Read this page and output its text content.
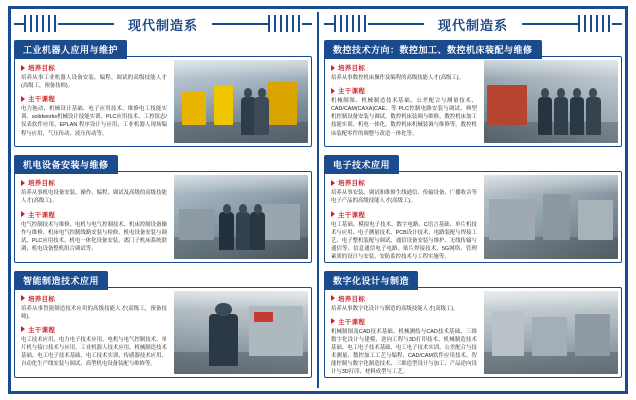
现代制造系
工业机器人应用与维护
培养目标

培养从事工业机器人设备安装、编程、调试的高级技能人才(高级工，预备技师)。

主干课程

电力拖动、机械设计基础、电子应用技术、维修电工技能实训、solidworks机械设计技能实训、PLC应用技术、工控组态/仪表软件应用、EPLAN 程序设计与应用、工业机器人现场编程与应用、气压传动、液压传动等。

机电设备安装与维修
培养目标

培养从事机电设备安装、操作、编程、调试及高级的高级技能人才(高级工)。

主干课程

电气控制技术与维修、电机与电气控制技术、机床控制设备操作与维修、机床电气控制线路安装与检修、机电设备安装与调试、PLC应用技术、机电一体化设备安装、离门子机床系统联调、机电设备整机组合调试等。

智能制造技术应用
培养目标

培养从事智能制造技术应用的高级技能人才(高级工，预备技师)。

主干课程

电工技术应用、电力电子技术应用、电机与电气控制技术、单片机与接口技术与应用、工业机器人技术应用、机械制造技术基础、电工电子技术基础、电工技术实训、传感器技术应用、自动化生产线安装与调试、高型机电设备装配与维修等。

现代制造系
数控技术方向：数控加工、数控机床装配与维修
培养目标

培养从事数控机床操作及编程的高级技能人才(高级工)。

主干课程

机械制图、机械制造技术基础、公差配合与测量技术、CAD/CAM(CAXA)CAE、等 PLC控制电路安装与调试、典型机控制设备安装与调试、数控机床装调与维修、数控机床加工技能实训、机电一体化、数控机床机械装调与维修等。数控机床装配零件的调整与改造一体化等。

电子技术应用
培养目标

培养从事安装、调试和维修生线通信、传输设备、广播收音等电子产品的高级技能人才(高级工)。

主干课程

电工基础、模拟电子技术、数字电路、C语言基础、单片机技术与应用、电子测量技术、PCB设计技术、电路装配与焊接工艺、电子整机装配与调试、通信设备安装与维护、无线传输与通信等、信息通信电子电路、贴片焊接技术、5G网络、管理素质的设计与安装、安防监控技术与工程实施等。

数字化设计与制造
培养目标

培养从事数字化设计与制造的高级技能人才(高级工)。

主干课程

机械制图及CAD技术基础、机械测绘与CAD技术基础、三维数字化设计与建模、逆向工程与3D打印技术、机械制造技术基础、电工电子技术基础、电工电子技术实训、公差配合与技术测量、数控加工工艺与编程、CAD/CAM软件应用技术、智能控制与数字化制造技术、三维造型设计与加工、产品逆向设计与3D打印、材料成型与工艺。
